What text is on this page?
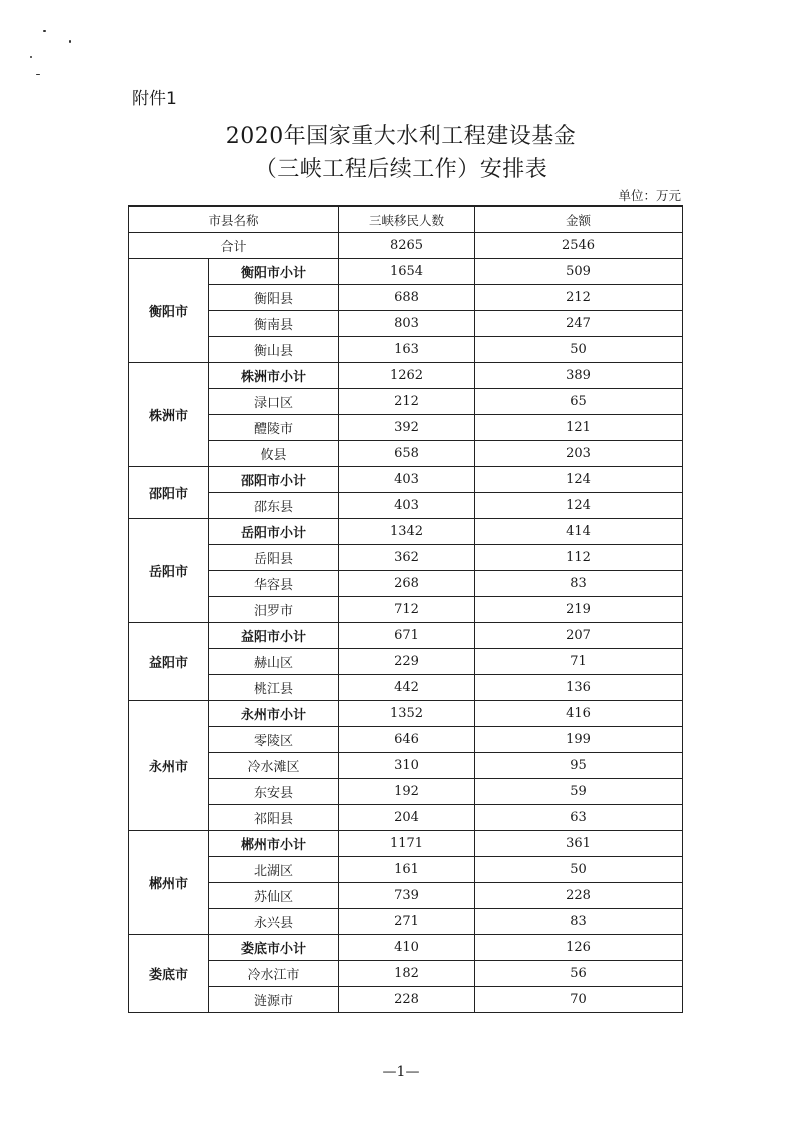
附件1
2020年国家重大水利工程建设基金
（三峡工程后续工作）安排表
单位：万元
市县名称		三峡移民人数	金额
合计		8265	2546
衡阳市	衡阳市小计	1654	509
	衡阳县	688	212
	衡南县	803	247
	衡山县	163	50
株洲市	株洲市小计	1262	389
	渌口区	212	65
	醴陵市	392	121
	攸县	658	203
邵阳市	邵阳市小计	403	124
	邵东县	403	124
岳阳市	岳阳市小计	1342	414
	岳阳县	362	112
	华容县	268	83
	汨罗市	712	219
益阳市	益阳市小计	671	207
	赫山区	229	71
	桃江县	442	136
永州市	永州市小计	1352	416
	零陵区	646	199
	冷水滩区	310	95
	东安县	192	59
	祁阳县	204	63
郴州市	郴州市小计	1171	361
	北湖区	161	50
	苏仙区	739	228
	永兴县	271	83
娄底市	娄底市小计	410	126
	冷水江市	182	56
	涟源市	228	70
—1—
